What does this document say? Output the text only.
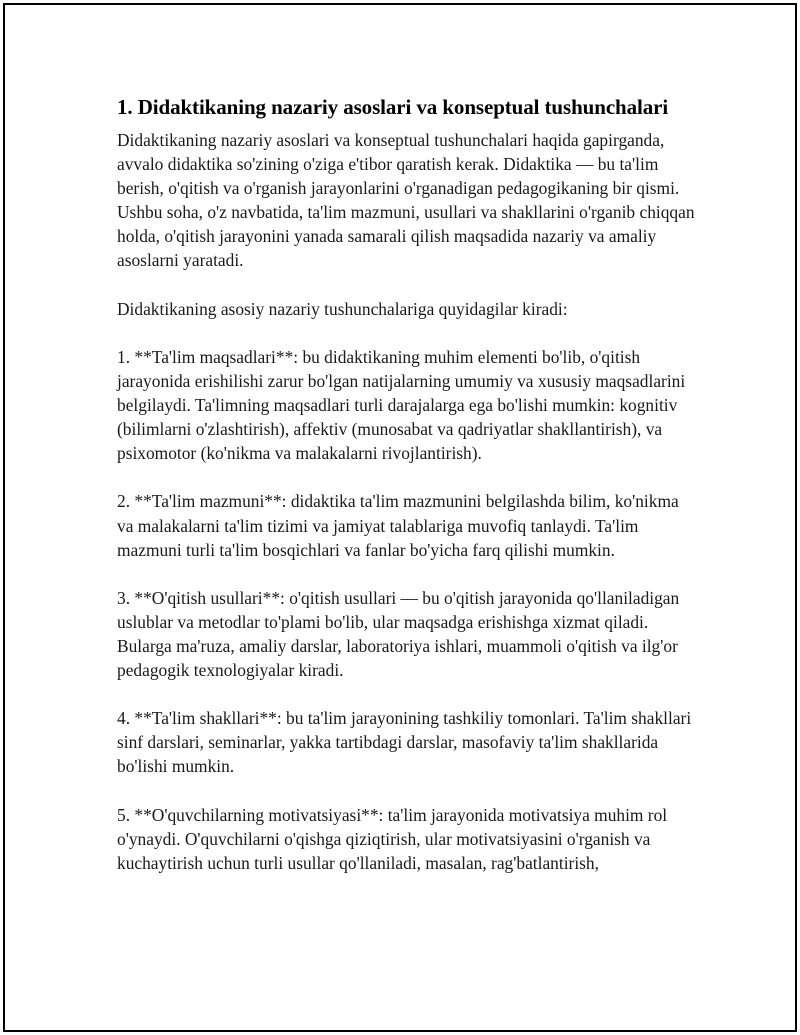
1. Didaktikaning nazariy asoslari va konseptual tushunchalari

Didaktikaning nazariy asoslari va konseptual tushunchalari haqida gapirganda, avvalo didaktika so'zining o'ziga e'tibor qaratish kerak. Didaktika — bu ta'lim berish, o'qitish va o'rganish jarayonlarini o'rganadigan pedagogikaning bir qismi. Ushbu soha, o'z navbatida, ta'lim mazmuni, usullari va shakllarini o'rganib chiqqan holda, o'qitish jarayonini yanada samarali qilish maqsadida nazariy va amaliy asoslarni yaratadi.

Didaktikaning asosiy nazariy tushunchalariga quyidagilar kiradi:

1. **Ta'lim maqsadlari**: bu didaktikaning muhim elementi bo'lib, o'qitish jarayonida erishilishi zarur bo'lgan natijalarning umumiy va xususiy maqsadlarini belgilaydi. Ta'limning maqsadlari turli darajalarga ega bo'lishi mumkin: kognitiv (bilimlarni o'zlashtirish), affektiv (munosabat va qadriyatlar shakllantirish), va psixomotor (ko'nikma va malakalarni rivojlantirish).

2. **Ta'lim mazmuni**: didaktika ta'lim mazmunini belgilashda bilim, ko'nikma va malakalarni ta'lim tizimi va jamiyat talablariga muvofiq tanlaydi. Ta'lim mazmuni turli ta'lim bosqichlari va fanlar bo'yicha farq qilishi mumkin.

3. **O'qitish usullari**: o'qitish usullari — bu o'qitish jarayonida qo'llaniladigan uslublar va metodlar to'plami bo'lib, ular maqsadga erishishga xizmat qiladi. Bularga ma'ruza, amaliy darslar, laboratoriya ishlari, muammoli o'qitish va ilg'or pedagogik texnologiyalar kiradi.

4. **Ta'lim shakllari**: bu ta'lim jarayonining tashkiliy tomonlari. Ta'lim shakllari sinf darslari, seminarlar, yakka tartibdagi darslar, masofaviy ta'lim shakllarida bo'lishi mumkin.

5. **O'quvchilarning motivatsiyasi**: ta'lim jarayonida motivatsiya muhim rol o'ynaydi. O'quvchilarni o'qishga qiziqtirish, ular motivatsiyasini o'rganish va kuchaytirish uchun turli usullar qo'llaniladi, masalan, rag'batlantirish,
